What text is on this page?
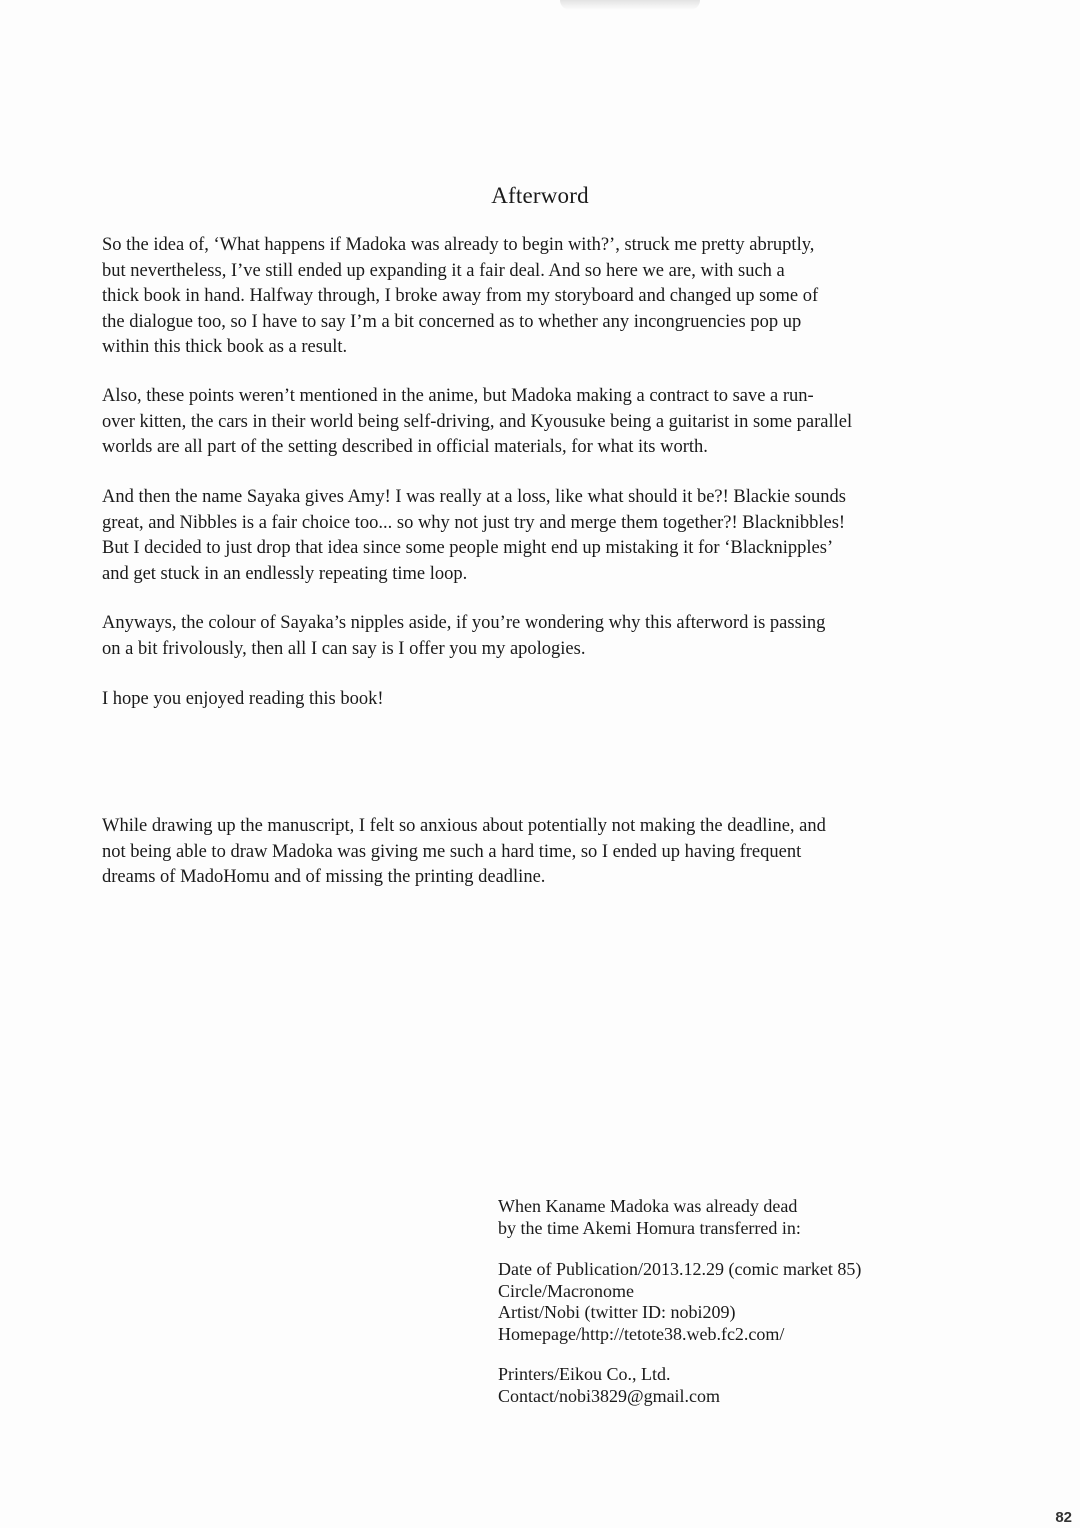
Afterword

So the idea of, ‘What happens if Madoka was already to begin with?’, struck me pretty abruptly,
but nevertheless, I’ve still ended up expanding it a fair deal. And so here we are, with such a
thick book in hand. Halfway through, I broke away from my storyboard and changed up some of
the dialogue too, so I have to say I’m a bit concerned as to whether any incongruencies pop up
within this thick book as a result.

Also, these points weren’t mentioned in the anime, but Madoka making a contract to save a run-
over kitten, the cars in their world being self-driving, and Kyousuke being a guitarist in some parallel
worlds are all part of the setting described in official materials, for what its worth.

And then the name Sayaka gives Amy! I was really at a loss, like what should it be?! Blackie sounds
great, and Nibbles is a fair choice too... so why not just try and merge them together?! Blacknibbles!
But I decided to just drop that idea since some people might end up mistaking it for ‘Blacknipples’
and get stuck in an endlessly repeating time loop.

Anyways, the colour of Sayaka’s nipples aside, if you’re wondering why this afterword is passing
on a bit frivolously, then all I can say is I offer you my apologies.

I hope you enjoyed reading this book!

While drawing up the manuscript, I felt so anxious about potentially not making the deadline, and
not being able to draw Madoka was giving me such a hard time, so I ended up having frequent
dreams of MadoHomu and of missing the printing deadline.

When Kaname Madoka was already dead
by the time Akemi Homura transferred in:
Date of Publication/2013.12.29 (comic market 85)
Circle/Macronome
Artist/Nobi (twitter ID: nobi209)
Homepage/http://tetote38.web.fc2.com/
Printers/Eikou Co., Ltd.
Contact/nobi3829@gmail.com
82
